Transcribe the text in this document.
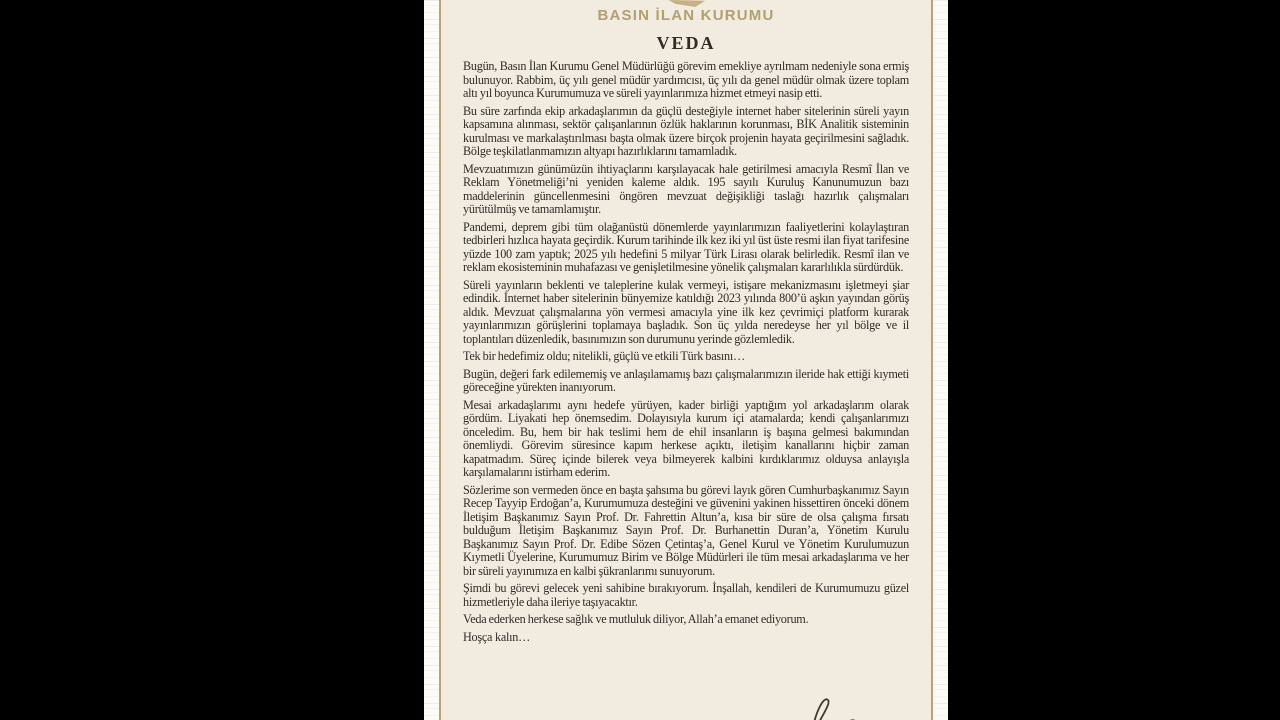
BASIN İLAN KURUMU
VEDA

Bugün, Basın İlan Kurumu Genel Müdürlüğü görevim emekliye ayrılmam nedeniyle sona ermiş bulunuyor. Rabbim, üç yılı genel müdür yardımcısı, üç yılı da genel müdür olmak üzere toplam altı yıl boyunca Kurumumuza ve süreli yayınlarımıza hizmet etmeyi nasip etti.

Bu süre zarfında ekip arkadaşlarımın da güçlü desteğiyle internet haber sitelerinin süreli yayın kapsamına alınması, sektör çalışanlarının özlük haklarının korunması, BİK Analitik sisteminin kurulması ve markalaştırılması başta olmak üzere birçok projenin hayata geçirilmesini sağladık. Bölge teşkilatlanmamızın altyapı hazırlıklarını tamamladık.

Mevzuatımızın günümüzün ihtiyaçlarını karşılayacak hale getirilmesi amacıyla Resmî İlan ve Reklam Yönetmeliği’ni yeniden kaleme aldık. 195 sayılı Kuruluş Kanunumuzun bazı maddelerinin güncellenmesini öngören mevzuat değişikliği taslağı hazırlık çalışmaları yürütülmüş ve tamamlamıştır.

Pandemi, deprem gibi tüm olağanüstü dönemlerde yayınlarımızın faaliyetlerini kolaylaştıran tedbirleri hızlıca hayata geçirdik. Kurum tarihinde ilk kez iki yıl üst üste resmi ilan fiyat tarifesine yüzde 100 zam yaptık; 2025 yılı hedefini 5 milyar Türk Lirası olarak belirledik. Resmî ilan ve reklam ekosisteminin muhafazası ve genişletilmesine yönelik çalışmaları kararlılıkla sürdürdük.

Süreli yayınların beklenti ve taleplerine kulak vermeyi, istişare mekanizmasını işletmeyi şiar edindik. İnternet haber sitelerinin bünyemize katıldığı 2023 yılında 800’ü aşkın yayından görüş aldık. Mevzuat çalışmalarına yön vermesi amacıyla yine ilk kez çevrimiçi platform kurarak yayınlarımızın görüşlerini toplamaya başladık. Son üç yılda neredeyse her yıl bölge ve il toplantıları düzenledik, basınımızın son durumunu yerinde gözlemledik.

Tek bir hedefimiz oldu; nitelikli, güçlü ve etkili Türk basını…

Bugün, değeri fark edilememiş ve anlaşılamamış bazı çalışmalarımızın ileride hak ettiği kıymeti göreceğine yürekten inanıyorum.

Mesai arkadaşlarımı aynı hedefe yürüyen, kader birliği yaptığım yol arkadaşlarım olarak gördüm. Liyakati hep önemsedim. Dolayısıyla kurum içi atamalarda; kendi çalışanlarımızı önceledim. Bu, hem bir hak teslimi hem de ehil insanların iş başına gelmesi bakımından önemliydi. Görevim süresince kapım herkese açıktı, iletişim kanallarını hiçbir zaman kapatmadım. Süreç içinde bilerek veya bilmeyerek kalbini kırdıklarımız olduysa anlayışla karşılamalarını istirham ederim.

Sözlerime son vermeden önce en başta şahsıma bu görevi layık gören Cumhurbaşkanımız Sayın Recep Tayyip Erdoğan’a, Kurumumuza desteğini ve güvenini yakinen hissettiren önceki dönem İletişim Başkanımız Sayın Prof. Dr. Fahrettin Altun’a, kısa bir süre de olsa çalışma fırsatı bulduğum İletişim Başkanımız Sayın Prof. Dr. Burhanettin Duran’a, Yönetim Kurulu Başkanımız Sayın Prof. Dr. Edibe Sözen Çetintaş’a, Genel Kurul ve Yönetim Kurulumuzun Kıymetli Üyelerine, Kurumumuz Birim ve Bölge Müdürleri ile tüm mesai arkadaşlarıma ve her bir süreli yayınımıza en kalbi şükranlarımı sunuyorum.

Şimdi bu görevi gelecek yeni sahibine bırakıyorum. İnşallah, kendileri de Kurumumuzu güzel hizmetleriyle daha ileriye taşıyacaktır.

Veda ederken herkese sağlık ve mutluluk diliyor, Allah’a emanet ediyorum.

Hoşça kalın…
